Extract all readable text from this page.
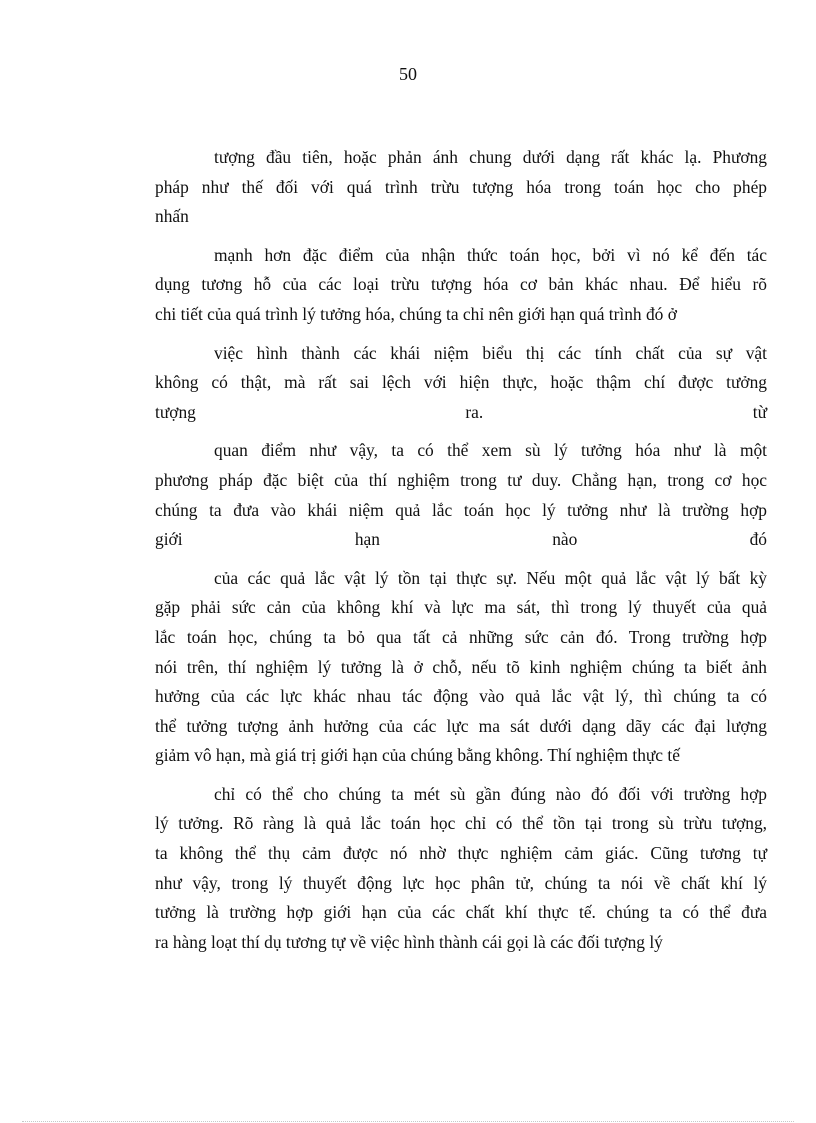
50
tượng đầu tiên, hoặc phản ánh chung dưới dạng rất khác lạ. Phương
pháp như thế đối với quá trình trừu tượng hóa trong toán học cho phép
nhấn
mạnh hơn đặc điểm của nhận thức toán học, bởi vì nó kể đến tác
dụng tương hỗ của các loại trừu tượng hóa cơ bản khác nhau. Để hiểu rõ
chi tiết của quá trình lý tưởng hóa, chúng ta chỉ nên giới hạn quá trình đó ở
việc hình thành các khái niệm biểu thị các tính chất của sự vật
không có thật, mà rất sai lệch với hiện thực, hoặc thậm chí được tưởng
tượng ra. từ
quan điểm như vậy, ta có thể xem sù lý tưởng hóa như là một
phương pháp đặc biệt của thí nghiệm trong tư duy. Chẳng hạn, trong cơ học
chúng ta đưa vào khái niệm quả lắc toán học lý tưởng như là trường hợp
giới hạn nào đó
của các quả lắc vật lý tồn tại thực sự. Nếu một quả lắc vật lý bất kỳ
gặp phải sức cản của không khí và lực ma sát, thì trong lý thuyết của quả
lắc toán học, chúng ta bỏ qua tất cả những sức cản đó. Trong trường hợp
nói trên, thí nghiệm lý tưởng là ở chỗ, nếu tõ kinh nghiệm chúng ta biết ảnh
hưởng của các lực khác nhau tác động vào quả lắc vật lý, thì chúng ta có
thể tưởng tượng ảnh hưởng của các lực ma sát dưới dạng dãy các đại lượng
giảm vô hạn, mà giá trị giới hạn của chúng bằng không. Thí nghiệm thực tế
chỉ có thể cho chúng ta mét sù gần đúng nào đó đối với trường hợp
lý tưởng. Rõ ràng là quả lắc toán học chỉ có thể tồn tại trong sù trừu tượng,
ta không thể thụ cảm được nó nhờ thực nghiệm cảm giác. Cũng tương tự
như vậy, trong lý thuyết động lực học phân tử, chúng ta nói về chất khí lý
tưởng là trường hợp giới hạn của các chất khí thực tế. chúng ta có thể đưa
ra hàng loạt thí dụ tương tự về việc hình thành cái gọi là các đối tượng lý
